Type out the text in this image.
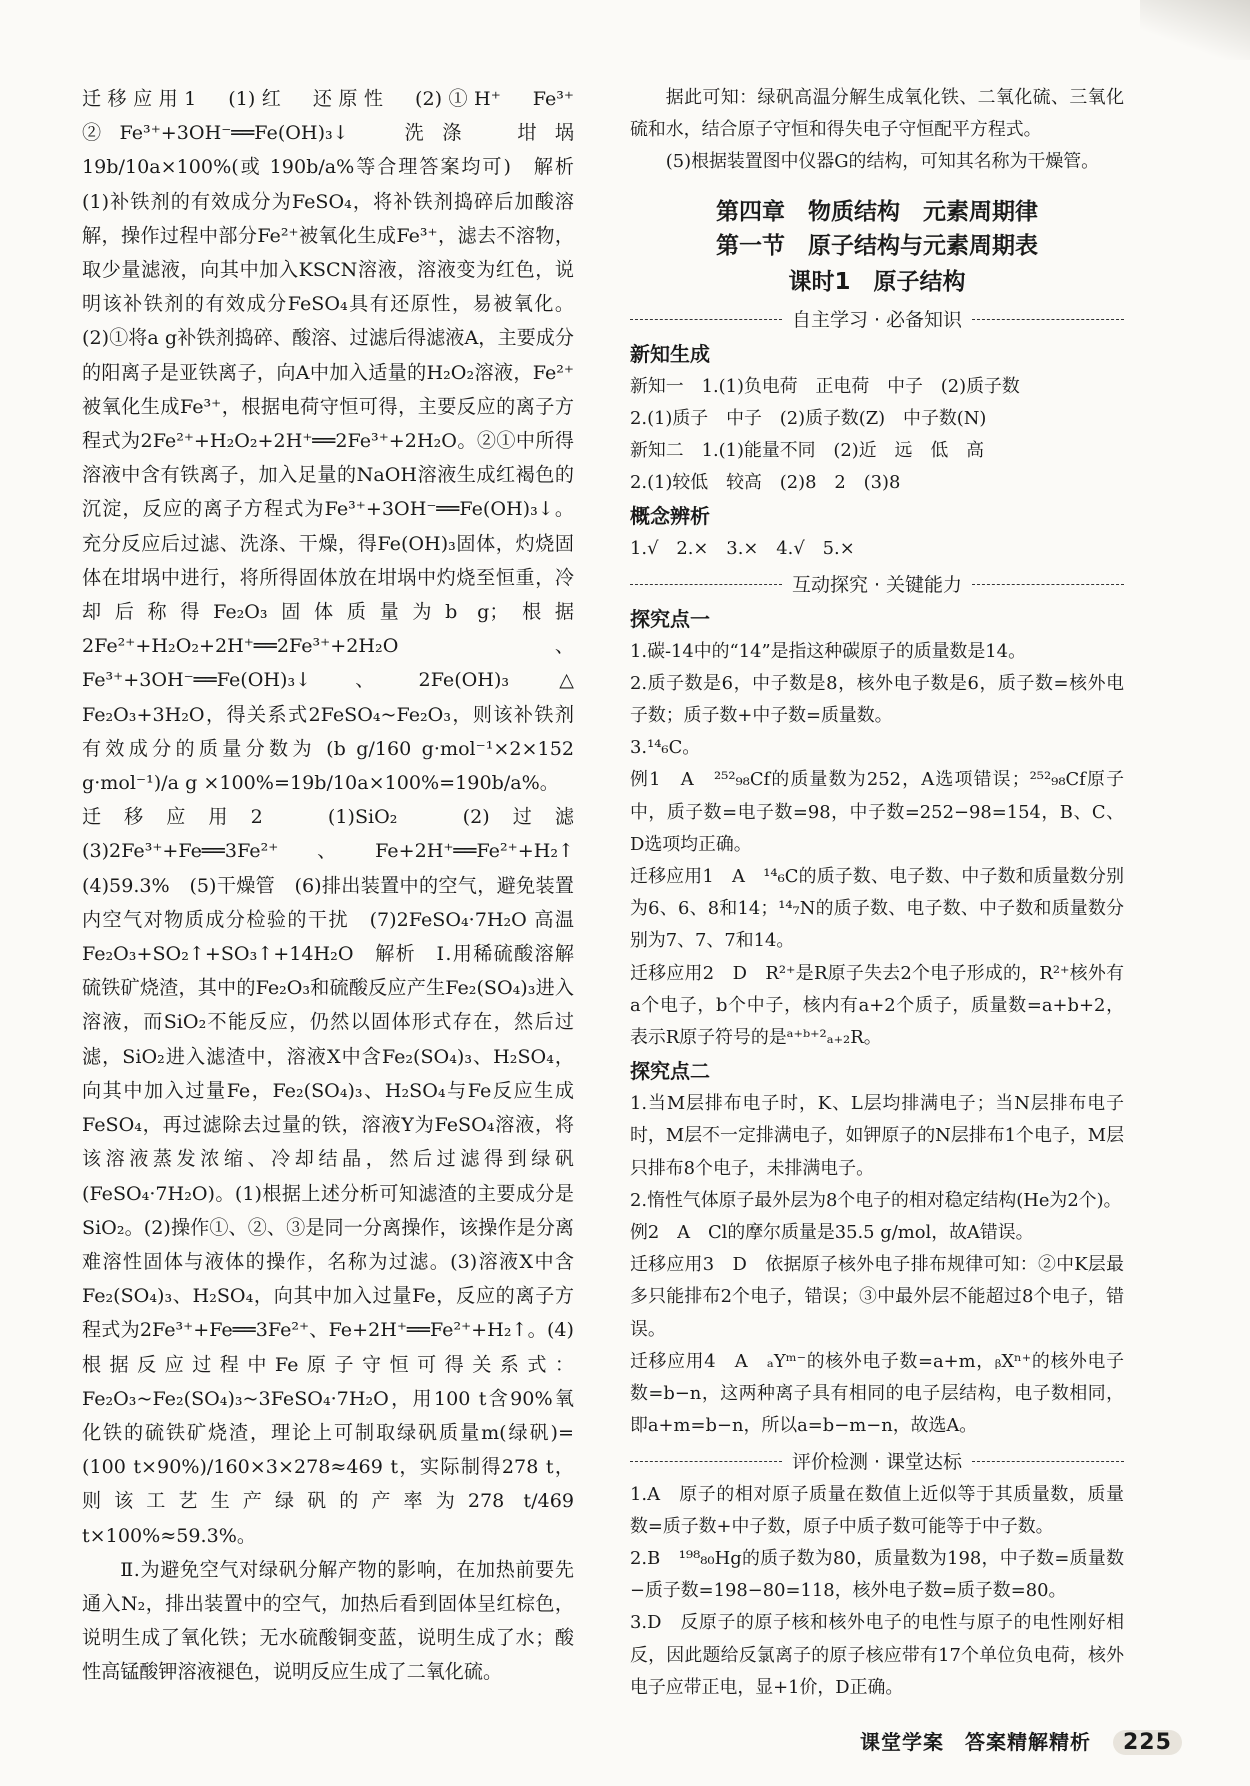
迁移应用1　(1)红　还原性　(2)①H⁺　Fe³⁺　②Fe³⁺+3OH⁻══Fe(OH)₃↓　洗涤　坩埚　19b/10a×100%(或 190b/a%等合理答案均可)　解析　(1)补铁剂的有效成分为FeSO₄，将补铁剂捣碎后加酸溶解，操作过程中部分Fe²⁺被氧化生成Fe³⁺，滤去不溶物，取少量滤液，向其中加入KSCN溶液，溶液变为红色，说明该补铁剂的有效成分FeSO₄具有还原性，易被氧化。(2)①将a g补铁剂捣碎、酸溶、过滤后得滤液A，主要成分的阳离子是亚铁离子，向A中加入适量的H₂O₂溶液，Fe²⁺被氧化生成Fe³⁺，根据电荷守恒可得，主要反应的离子方程式为2Fe²⁺+H₂O₂+2H⁺══2Fe³⁺+2H₂O。②①中所得溶液中含有铁离子，加入足量的NaOH溶液生成红褐色的沉淀，反应的离子方程式为Fe³⁺+3OH⁻══Fe(OH)₃↓。充分反应后过滤、洗涤、干燥，得Fe(OH)₃固体，灼烧固体在坩埚中进行，将所得固体放在坩埚中灼烧至恒重，冷却后称得Fe₂O₃固体质量为b g；根据2Fe²⁺+H₂O₂+2H⁺══2Fe³⁺+2H₂O、Fe³⁺+3OH⁻══Fe(OH)₃↓、2Fe(OH)₃ △ Fe₂O₃+3H₂O，得关系式2FeSO₄~Fe₂O₃，则该补铁剂有效成分的质量分数为 (b g/160 g·mol⁻¹×2×152 g·mol⁻¹)/a g ×100%=19b/10a×100%=190b/a%。

迁移应用2　(1)SiO₂　(2)过滤　(3)2Fe³⁺+Fe══3Fe²⁺、Fe+2H⁺══Fe²⁺+H₂↑　(4)59.3%　(5)干燥管　(6)排出装置中的空气，避免装置内空气对物质成分检验的干扰　(7)2FeSO₄·7H₂O 高温 Fe₂O₃+SO₂↑+SO₃↑+14H₂O　解析　Ⅰ.用稀硫酸溶解硫铁矿烧渣，其中的Fe₂O₃和硫酸反应产生Fe₂(SO₄)₃进入溶液，而SiO₂不能反应，仍然以固体形式存在，然后过滤，SiO₂进入滤渣中，溶液X中含Fe₂(SO₄)₃、H₂SO₄，向其中加入过量Fe，Fe₂(SO₄)₃、H₂SO₄与Fe反应生成FeSO₄，再过滤除去过量的铁，溶液Y为FeSO₄溶液，将该溶液蒸发浓缩、冷却结晶，然后过滤得到绿矾(FeSO₄·7H₂O)。(1)根据上述分析可知滤渣的主要成分是SiO₂。(2)操作①、②、③是同一分离操作，该操作是分离难溶性固体与液体的操作，名称为过滤。(3)溶液X中含Fe₂(SO₄)₃、H₂SO₄，向其中加入过量Fe，反应的离子方程式为2Fe³⁺+Fe══3Fe²⁺、Fe+2H⁺══Fe²⁺+H₂↑。(4)根据反应过程中Fe原子守恒可得关系式：Fe₂O₃~Fe₂(SO₄)₃~3FeSO₄·7H₂O，用100 t含90%氧化铁的硫铁矿烧渣，理论上可制取绿矾质量m(绿矾)=(100 t×90%)/160×3×278≈469 t，实际制得278 t，则该工艺生产绿矾的产率为278 t/469 t×100%≈59.3%。

Ⅱ.为避免空气对绿矾分解产物的影响，在加热前要先通入N₂，排出装置中的空气，加热后看到固体呈红棕色，说明生成了氧化铁；无水硫酸铜变蓝，说明生成了水；酸性高锰酸钾溶液褪色，说明反应生成了二氧化硫。

据此可知：绿矾高温分解生成氧化铁、二氧化硫、三氧化硫和水，结合原子守恒和得失电子守恒配平方程式。

(5)根据装置图中仪器G的结构，可知其名称为干燥管。

第四章　物质结构　元素周期律
第一节　原子结构与元素周期表
课时1　原子结构
自主学习 · 必备知识
新知生成

新知一　1.(1)负电荷　正电荷　中子　(2)质子数

2.(1)质子　中子　(2)质子数(Z)　中子数(N)

新知二　1.(1)能量不同　(2)近　远　低　高

2.(1)较低　较高　(2)8　2　(3)8

概念辨析

1.√　2.×　3.×　4.√　5.×

互动探究 · 关键能力
探究点一

1.碳-14中的“14”是指这种碳原子的质量数是14。

2.质子数是6，中子数是8，核外电子数是6，质子数=核外电子数；质子数+中子数=质量数。

3.¹⁴₆C。

例1　A　²⁵²₉₈Cf的质量数为252，A选项错误；²⁵²₉₈Cf原子中，质子数=电子数=98，中子数=252−98=154，B、C、D选项均正确。

迁移应用1　A　¹⁴₆C的质子数、电子数、中子数和质量数分别为6、6、8和14；¹⁴₇N的质子数、电子数、中子数和质量数分别为7、7、7和14。

迁移应用2　D　R²⁺是R原子失去2个电子形成的，R²⁺核外有a个电子，b个中子，核内有a+2个质子，质量数=a+b+2，表示R原子符号的是ᵃ⁺ᵇ⁺²ₐ₊₂R。

探究点二

1.当M层排布电子时，K、L层均排满电子；当N层排布电子时，M层不一定排满电子，如钾原子的N层排布1个电子，M层只排布8个电子，未排满电子。

2.惰性气体原子最外层为8个电子的相对稳定结构(He为2个)。

例2　A　Cl的摩尔质量是35.5 g/mol，故A错误。

迁移应用3　D　依据原子核外电子排布规律可知：②中K层最多只能排布2个电子，错误；③中最外层不能超过8个电子，错误。

迁移应用4　A　ₐYᵐ⁻的核外电子数=a+m，ᵦXⁿ⁺的核外电子数=b−n，这两种离子具有相同的电子层结构，电子数相同，即a+m=b−n，所以a=b−m−n，故选A。

评价检测 · 课堂达标

1.A　原子的相对原子质量在数值上近似等于其质量数，质量数=质子数+中子数，原子中质子数可能等于中子数。

2.B　¹⁹⁸₈₀Hg的质子数为80，质量数为198，中子数=质量数−质子数=198−80=118，核外电子数=质子数=80。

3.D　反原子的原子核和核外电子的电性与原子的电性刚好相反，因此题给反氯离子的原子核应带有17个单位负电荷，核外电子应带正电，显+1价，D正确。

课堂学案　答案精解精析 225
